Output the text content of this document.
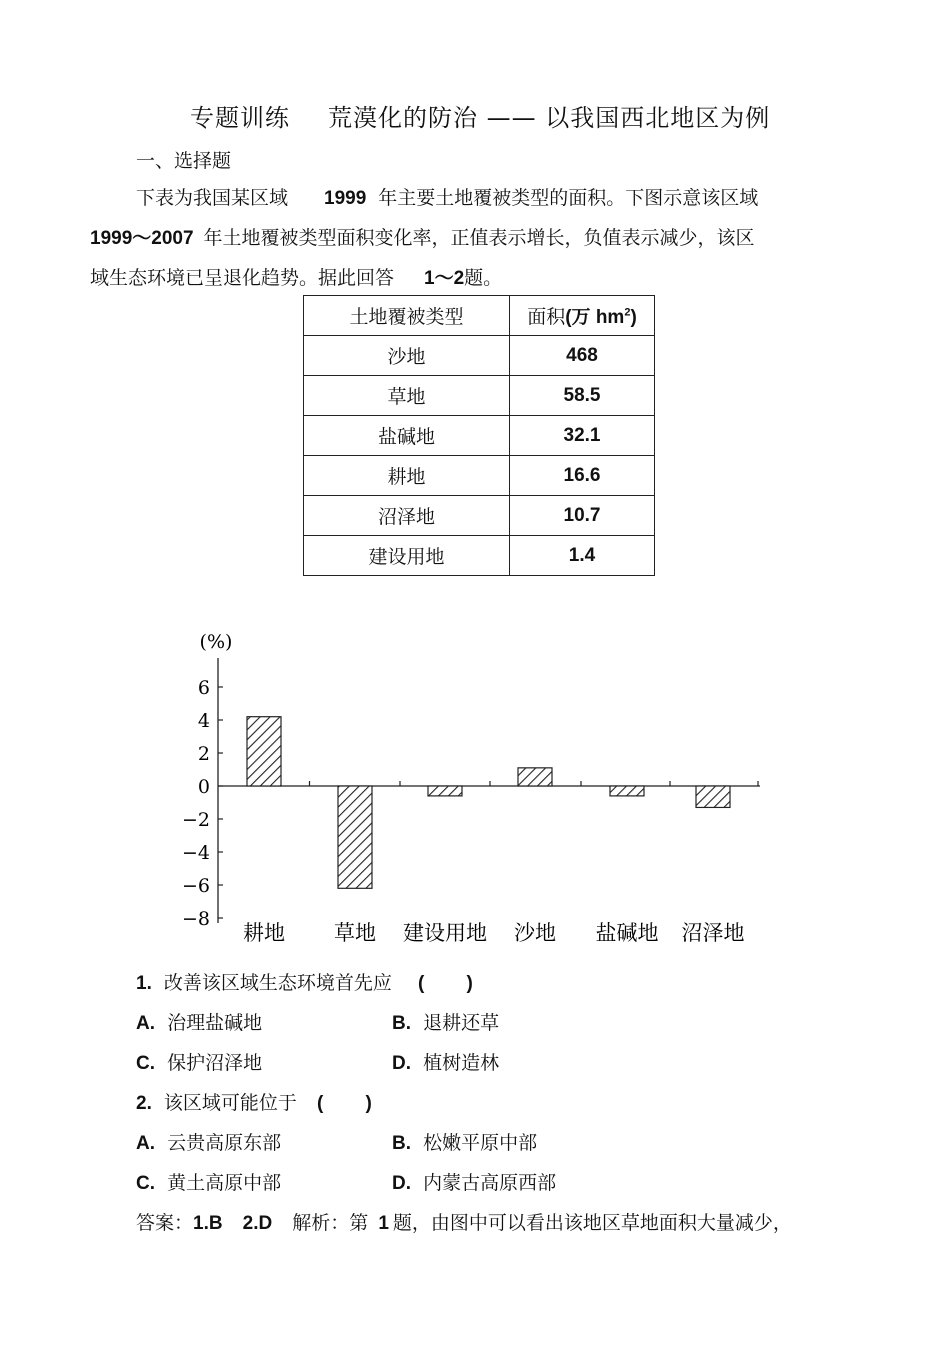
专题训练 荒漠化的防治 —— 以我国西北地区为例
一、选择题
下表为我国某区域 1999 年主要土地覆被类型的面积。下图示意该区域
1999～2007 年土地覆被类型面积变化率，正值表示增长，负值表示减少，该区
域生态环境已呈退化趋势。据此回答 1～2题。
土地覆被类型	面积(万 $hm^2$)
沙地	468
草地	58.5
盐碱地	32.1
耕地	16.6
沼泽地	10.7
建设用地	1.4
(%)
6
4
2
0
−2
−4
−6
−8
耕地 草地 建设用地 沙地 盐碱地 沼泽地
1. 改善该区域生态环境首先应 (        )
A. 治理盐碱地	B. 退耕还草
C. 保护沼泽地	D. 植树造林
2. 该区域可能位于 (        )
A. 云贵高原东部	B. 松嫩平原中部
C. 黄土高原中部	D. 内蒙古高原西部
答案：1.B 2.D 解析：第 1 题，由图中可以看出该地区草地面积大量减少，
